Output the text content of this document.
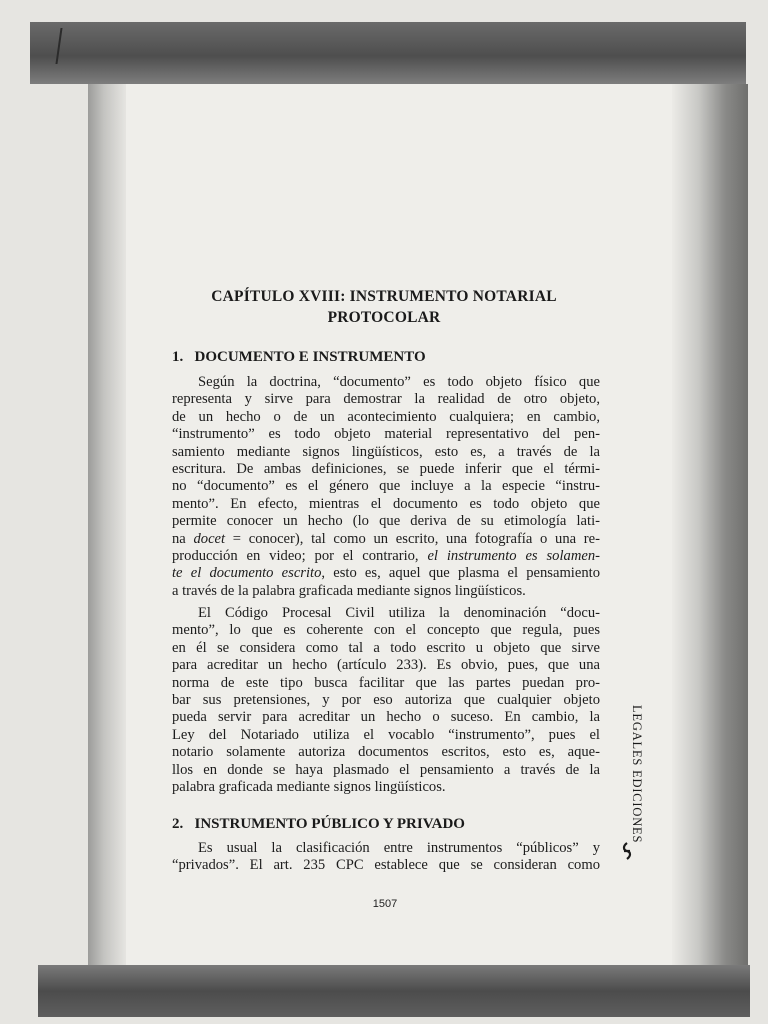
CAPÍTULO XVIII: INSTRUMENTO NOTARIAL
PROTOCOLAR
1.   DOCUMENTO E INSTRUMENTO
Según la doctrina, “documento” es todo objeto físico que
representa y sirve para demostrar la realidad de otro objeto,
de un hecho o de un acontecimiento cualquiera; en cambio,
“instrumento” es todo objeto material representativo del pen-
samiento mediante signos lingüísticos, esto es, a través de la
escritura. De ambas definiciones, se puede inferir que el térmi-
no “documento” es el género que incluye a la especie “instru-
mento”. En efecto, mientras el documento es todo objeto que
permite conocer un hecho (lo que deriva de su etimología lati-
na docet = conocer), tal como un escrito, una fotografía o una re-
producción en video; por el contrario, el instrumento es solamen-
te el documento escrito, esto es, aquel que plasma el pensamiento
a través de la palabra graficada mediante signos lingüísticos.
El Código Procesal Civil utiliza la denominación “docu-
mento”, lo que es coherente con el concepto que regula, pues
en él se considera como tal a todo escrito u objeto que sirve
para acreditar un hecho (artículo 233). Es obvio, pues, que una
norma de este tipo busca facilitar que las partes puedan pro-
bar sus pretensiones, y por eso autoriza que cualquier objeto
pueda servir para acreditar un hecho o suceso. En cambio, la
Ley del Notariado utiliza el vocablo “instrumento”, pues el
notario solamente autoriza documentos escritos, esto es, aque-
llos en donde se haya plasmado el pensamiento a través de la
palabra graficada mediante signos lingüísticos.
2.   INSTRUMENTO PÚBLICO Y PRIVADO
Es usual la clasificación entre instrumentos “públicos” y
“privados”. El art. 235 CPC establece que se consideran como
1507
LEGALES EDICIONES
